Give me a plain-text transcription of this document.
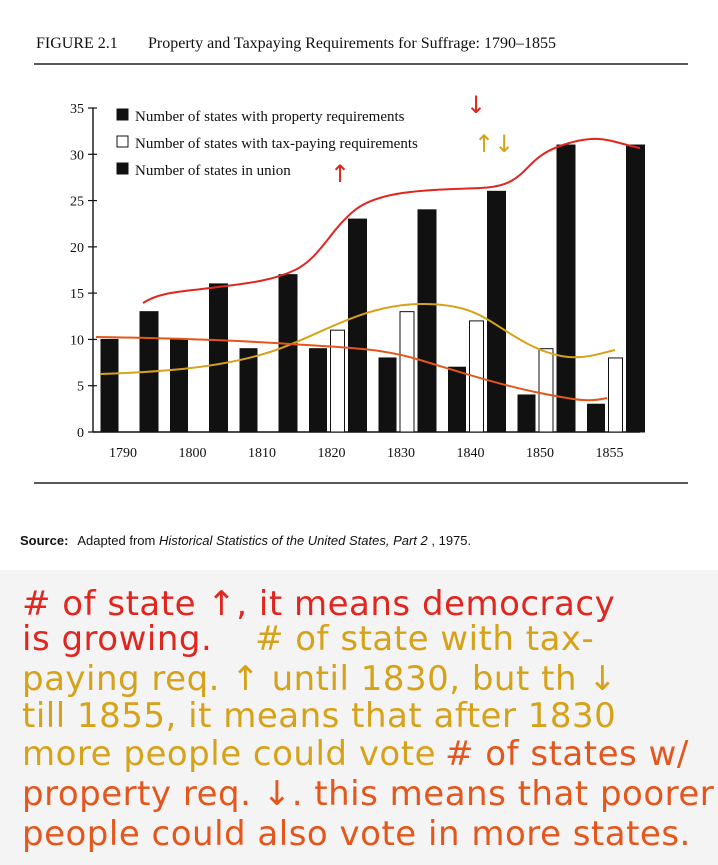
FIGURE 2.1 Property and Taxpaying Requirements for Suffrage: 1790–1855
0
5
10
15
20
25
30
35
1790	1800	1810	1820	1830	1840	1850	1855
Number of states with property requirements
Number of states with tax-paying requirements
Number of states in union
Source: Adapted from Historical Statistics of the United States, Part 2 , 1975.
↓
↑↓
↑
# of state ↑, it means democracy
is growing. # of state with tax-
paying req. ↑ until 1830, but th ↓
till 1855, it means that after 1830
more people could vote # of states w/
property req. ↓. this means that poorer
people could also vote in more states.
